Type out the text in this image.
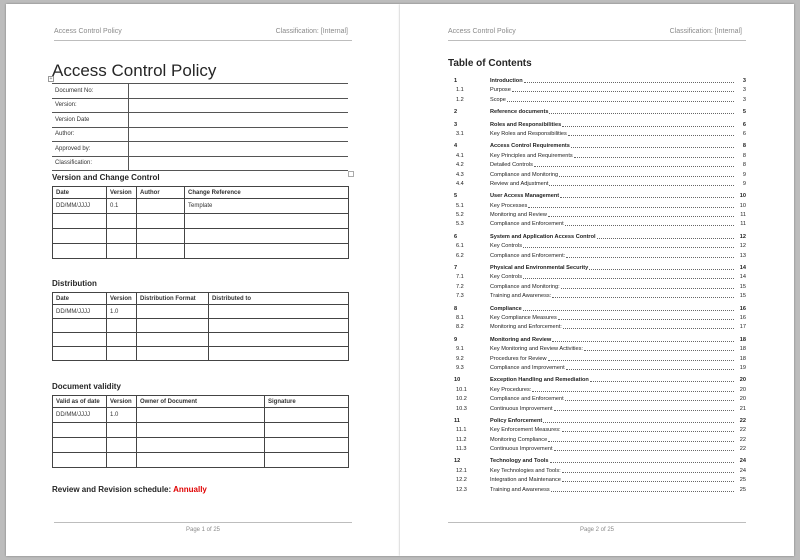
Access Control Policy	Classification: [Internal]
+ Access Control Policy
Document No:	
Version:	
Version Date	
Author:	
Approved by:	
Classification:	
Version and Change Control
Date	Version	Author	Change Reference
DD/MM/JJJJ	0.1		Template

Distribution
Date	Version	Distribution Format	Distributed to
DD/MM/JJJJ	1.0		

Document validity
Valid as of date	Version	Owner of Document	Signature
DD/MM/JJJJ	1.0		

Review and Revision schedule: Annually
Page 1 of 25
Access Control Policy	Classification: [Internal]
Table of Contents
1	Introduction	3
1.1	Purpose	3
1.2	Scope	3
2	Reference documents	5
3	Roles and Responsibilities	6
3.1	Key Roles and Responsibilities	6
4	Access Control Requirements	8
4.1	Key Principles and Requirements	8
4.2	Detailed Controls	8
4.3	Compliance and Monitoring	9
4.4	Review and Adjustment	9
5	User Access Management	10
5.1	Key Processes	10
5.2	Monitoring and Review	11
5.3	Compliance and Enforcement	11
6	System and Application Access Control	12
6.1	Key Controls	12
6.2	Compliance and Enforcement:	13
7	Physical and Environmental Security	14
7.1	Key Controls	14
7.2	Compliance and Monitoring:	15
7.3	Training and Awareness:	15
8	Compliance	16
8.1	Key Compliance Measures	16
8.2	Monitoring and Enforcement:	17
9	Monitoring and Review	18
9.1	Key Monitoring and Review Activities:	18
9.2	Procedures for Review	18
9.3	Compliance and Improvement	19
10	Exception Handling and Remediation	20
10.1	Key Procedures:	20
10.2	Compliance and Enforcement	20
10.3	Continuous Improvement	21
11	Policy Enforcement	22
11.1	Key Enforcement Measures:	22
11.2	Monitoring Compliance	22
11.3	Continuous Improvement	22
12	Technology and Tools	24
12.1	Key Technologies and Tools:	24
12.2	Integration and Maintenance	25
12.3	Training and Awareness	25
Page 2 of 25
